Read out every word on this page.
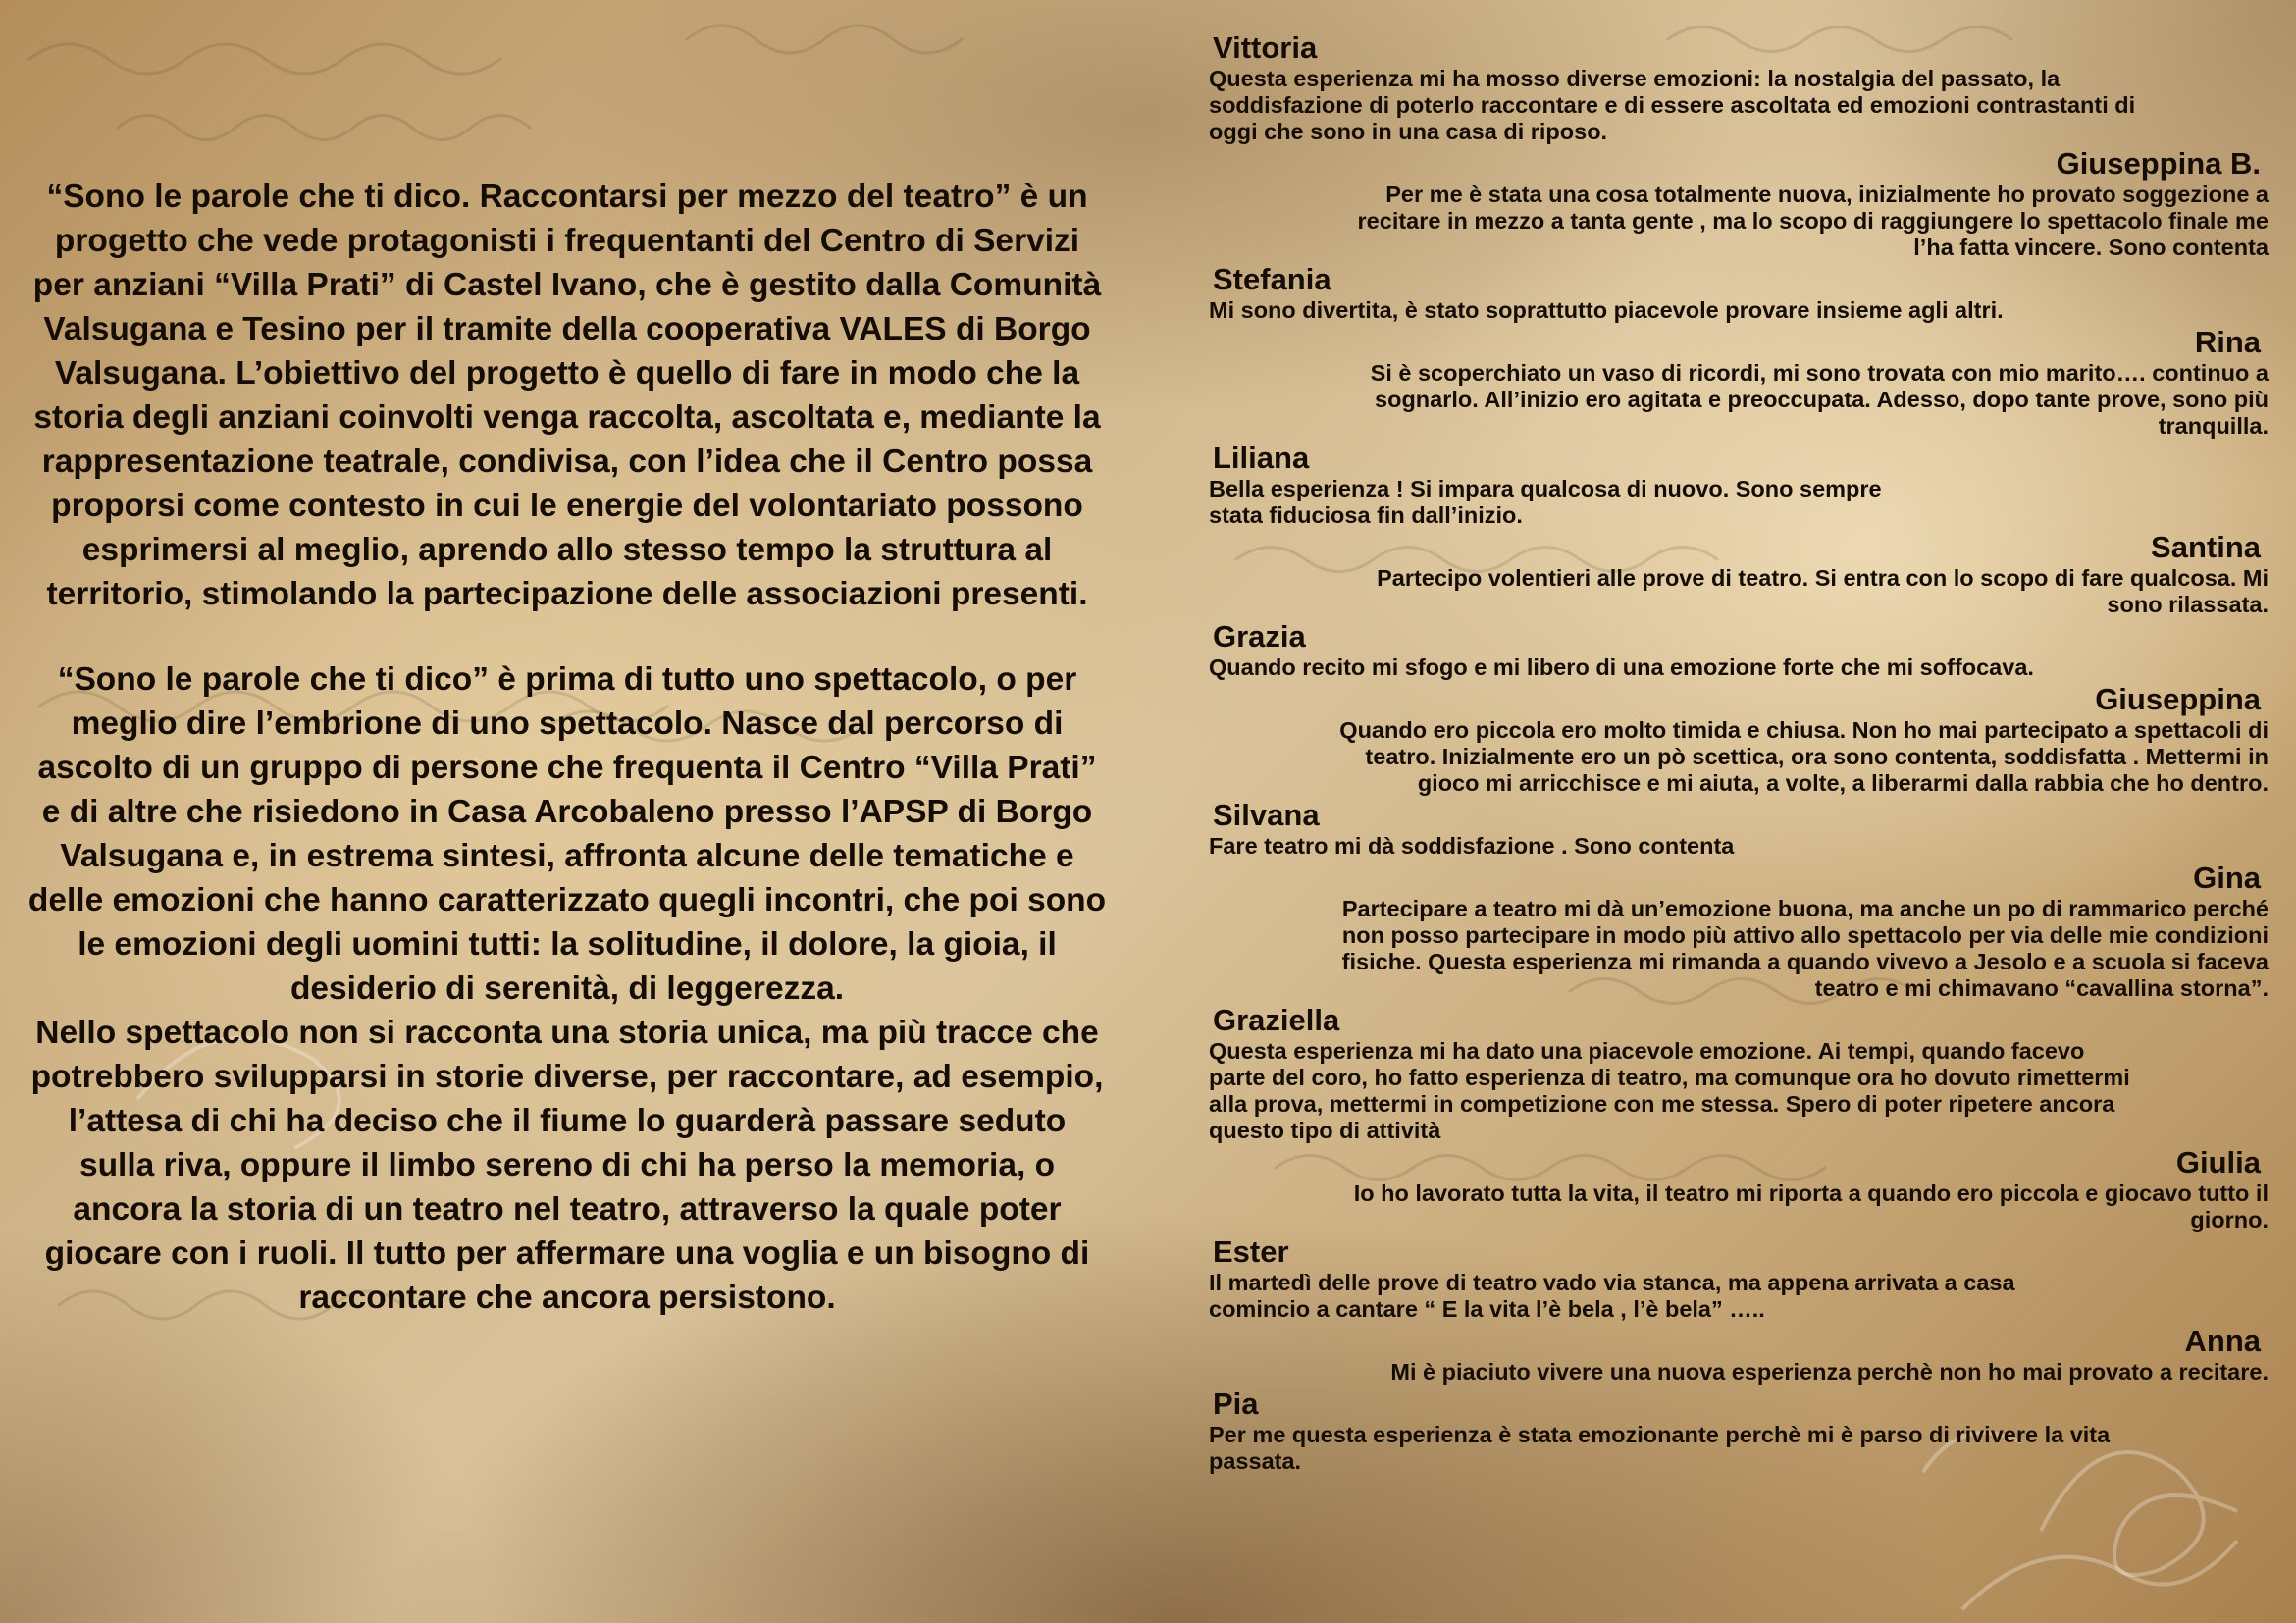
“Sono le parole che ti dico. Raccontarsi per mezzo del teatro” è un progetto che vede protagonisti i frequentanti del Centro di Servizi per anziani “Villa Prati” di Castel Ivano, che è gestito dalla Comunità Valsugana e Tesino per il tramite della cooperativa VALES di Borgo Valsugana. L’obiettivo del progetto è quello di fare in modo che la storia degli anziani coinvolti venga raccolta, ascoltata e, mediante la rappresentazione teatrale, condivisa, con l’idea che il Centro possa proporsi come contesto in cui le energie del volontariato possono esprimersi al meglio, aprendo allo stesso tempo la struttura al territorio, stimolando la partecipazione delle associazioni presenti.

“Sono le parole che ti dico” è prima di tutto uno spettacolo, o per meglio dire l’embrione di uno spettacolo. Nasce dal percorso di ascolto di un gruppo di persone che frequenta il Centro “Villa Prati” e di altre che risiedono in Casa Arcobaleno presso l’APSP di Borgo Valsugana e, in estrema sintesi, affronta alcune delle tematiche e delle emozioni che hanno caratterizzato quegli incontri, che poi sono le emozioni degli uomini tutti: la solitudine, il dolore, la gioia, il desiderio di serenità, di leggerezza.

Nello spettacolo non si racconta una storia unica, ma più tracce che potrebbero svilupparsi in storie diverse, per raccontare, ad esempio, l’attesa di chi ha deciso che il fiume lo guarderà passare seduto sulla riva, oppure il limbo sereno di chi ha perso la memoria, o ancora la storia di un teatro nel teatro, attraverso la quale poter giocare con i ruoli. Il tutto per affermare una voglia e un bisogno di raccontare che ancora persistono.

Vittoria
Questa esperienza mi ha mosso diverse emozioni: la nostalgia del passato, la soddisfazione di poterlo raccontare e di essere ascoltata ed emozioni contrastanti di oggi che sono in una casa di riposo.
Giuseppina B.
Per me è stata una cosa totalmente nuova, inizialmente ho provato soggezione a recitare in mezzo a tanta gente , ma lo scopo di raggiungere lo spettacolo finale me l’ha fatta vincere. Sono contenta
Stefania
Mi sono divertita, è stato soprattutto piacevole provare insieme agli altri.
Rina
Si è scoperchiato un vaso di ricordi, mi sono trovata con mio marito…. continuo a sognarlo. All’inizio ero agitata e preoccupata. Adesso, dopo tante prove, sono più tranquilla.
Liliana
Bella esperienza ! Si impara qualcosa di nuovo. Sono sempre stata fiduciosa fin dall’inizio.
Santina
Partecipo volentieri alle prove di teatro. Si entra con lo scopo di fare qualcosa. Mi sono rilassata.
Grazia
Quando recito mi sfogo e mi libero di una emozione forte che mi soffocava.
Giuseppina
Quando ero piccola ero molto timida e chiusa. Non ho mai partecipato a spettacoli di teatro. Inizialmente ero un pò scettica, ora sono contenta, soddisfatta . Mettermi in gioco mi arricchisce e mi aiuta, a volte, a liberarmi dalla rabbia che ho dentro.
Silvana
Fare teatro mi dà soddisfazione . Sono contenta
Gina
Partecipare a teatro mi dà un’emozione buona, ma anche un po di rammarico perché non posso partecipare in modo più attivo allo spettacolo per via delle mie condizioni fisiche. Questa esperienza mi rimanda a quando vivevo a Jesolo e a scuola si faceva teatro e mi chimavano “cavallina storna”.
Graziella
Questa esperienza mi ha dato una piacevole emozione. Ai tempi, quando facevo parte del coro, ho fatto esperienza di teatro, ma comunque ora ho dovuto rimettermi alla prova, mettermi in competizione con me stessa. Spero di poter ripetere ancora questo tipo di attività
Giulia
Io ho lavorato tutta la vita, il teatro mi riporta a quando ero piccola e giocavo tutto il giorno.
Ester
Il martedì delle prove di teatro vado via stanca, ma appena arrivata a casa comincio a cantare “ E la vita l’è bela , l’è bela” …..
Anna
Mi è piaciuto vivere una nuova esperienza perchè non ho mai provato a recitare.
Pia
Per me questa esperienza è stata emozionante perchè mi è parso di rivivere la vita passata.
